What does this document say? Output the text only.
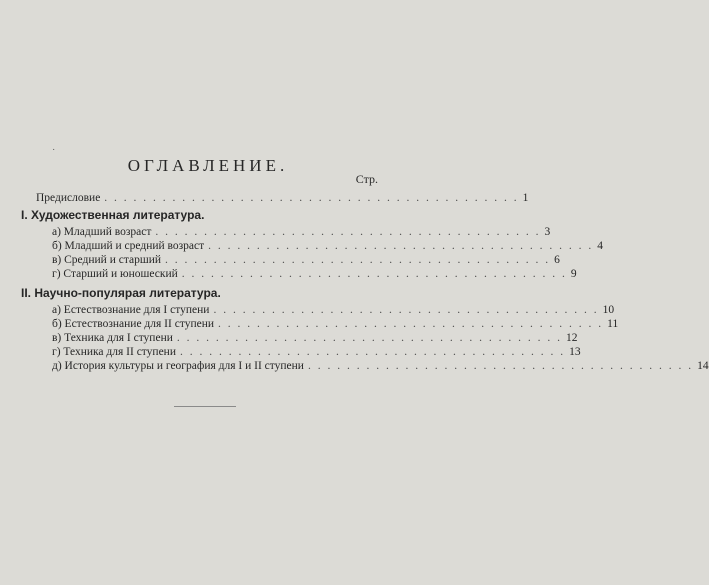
˙
ОГЛАВЛЕНИЕ.
Стр.
Предисловие . . . . . . . . . . . . . . . . . . . . . . . . . . . . . . . . . . . . . . . . . . . 1
I. Художественная литература.
а) Младший возраст . . . . . . . . . . . . . . . . . . . . . . . . . . . . . . . . . . . . . . . . 3
б) Младший и средний возраст . . . . . . . . . . . . . . . . . . . . . . . . . . . . . . . . . . . . . . . . 4
в) Средний и старший . . . . . . . . . . . . . . . . . . . . . . . . . . . . . . . . . . . . . . . . 6
г) Старший и юношеский . . . . . . . . . . . . . . . . . . . . . . . . . . . . . . . . . . . . . . . . 9
II. Научно-популярая литература.
а) Естествознание для I ступени . . . . . . . . . . . . . . . . . . . . . . . . . . . . . . . . . . . . . . . . 10
б) Естествознание для II ступени . . . . . . . . . . . . . . . . . . . . . . . . . . . . . . . . . . . . . . . . 11
в) Техника для I ступени . . . . . . . . . . . . . . . . . . . . . . . . . . . . . . . . . . . . . . . . 12
г) Техника для II ступени . . . . . . . . . . . . . . . . . . . . . . . . . . . . . . . . . . . . . . . . 13
д) История культуры и география для I и II ступени . . . . . . . . . . . . . . . . . . . . . . . . . . . . . . . . . . . . . . . . 14
